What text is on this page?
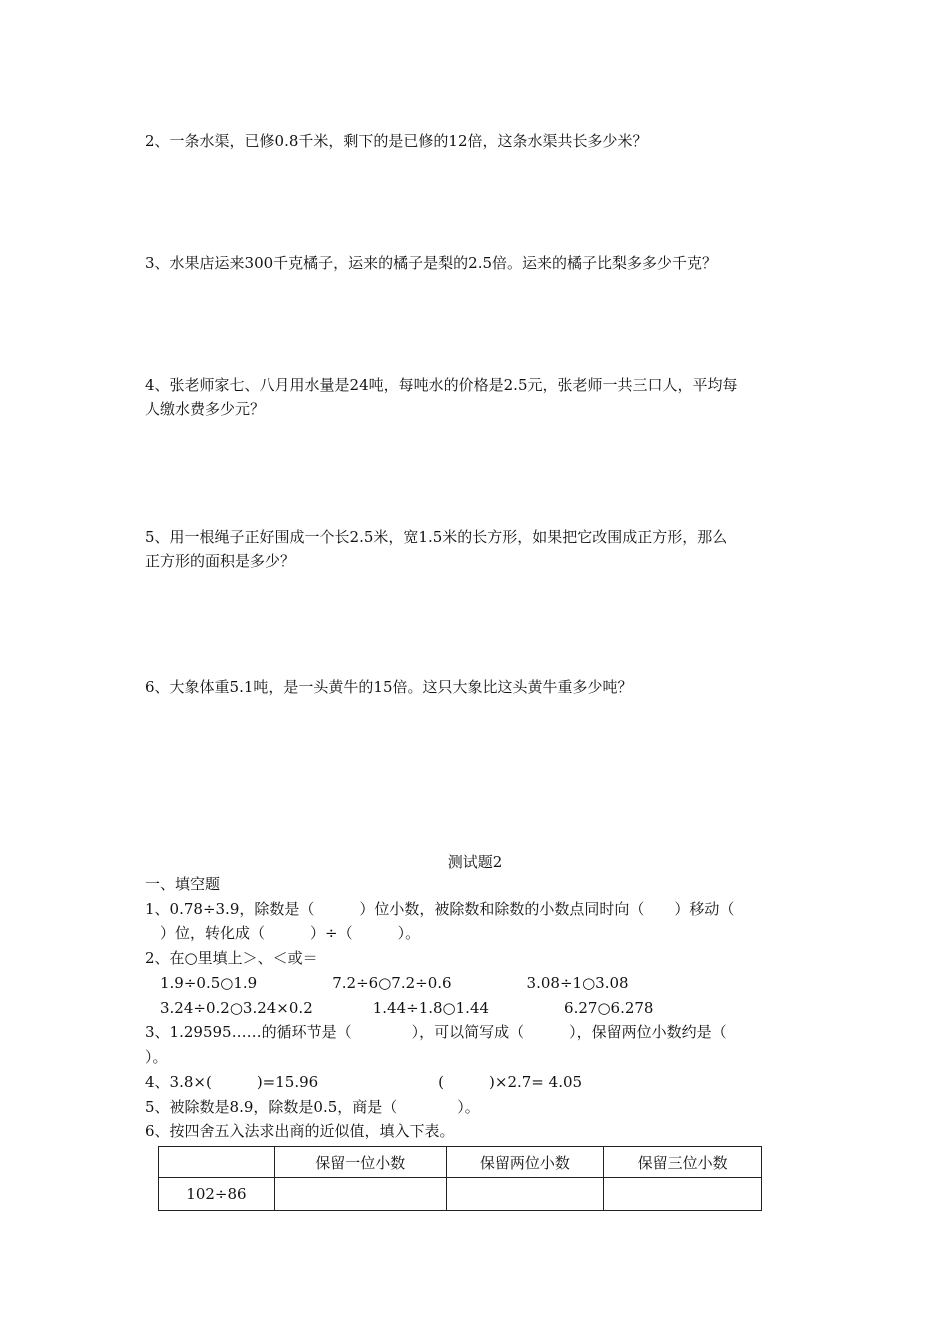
2、一条水渠，已修0.8千米，剩下的是已修的12倍，这条水渠共长多少米？
3、水果店运来300千克橘子，运来的橘子是梨的2.5倍。运来的橘子比梨多多少千克？
4、张老师家七、八月用水量是24吨，每吨水的价格是2.5元，张老师一共三口人，平均每
人缴水费多少元？
5、用一根绳子正好围成一个长2.5米，宽1.5米的长方形，如果把它改围成正方形，那么
正方形的面积是多少？
6、大象体重5.1吨，是一头黄牛的15倍。这只大象比这头黄牛重多少吨？
测试题2
一、填空题
1、0.78÷3.9，除数是（　　　）位小数，被除数和除数的小数点同时向（　　）移动（
　）位，转化成（　　　）÷（　　　）。
2、在○里填上＞、＜或＝
　1.9÷0.5○1.9　　　　　7.2÷6○7.2÷0.6　　　　　3.08÷1○3.08
　3.24÷0.2○3.24×0.2　　　　1.44÷1.8○1.44　　　　　6.27○6.278
3、1.29595……的循环节是（　　　　），可以简写成（　　　），保留两位小数约是（
）。
4、3.8×(　　　)=15.96　　　　　　　　(　　　)×2.7= 4.05
5、被除数是8.9，除数是0.5，商是（　　　　）。
6、按四舍五入法求出商的近似值，填入下表。
	保留一位小数	保留两位小数	保留三位小数
102÷86			
